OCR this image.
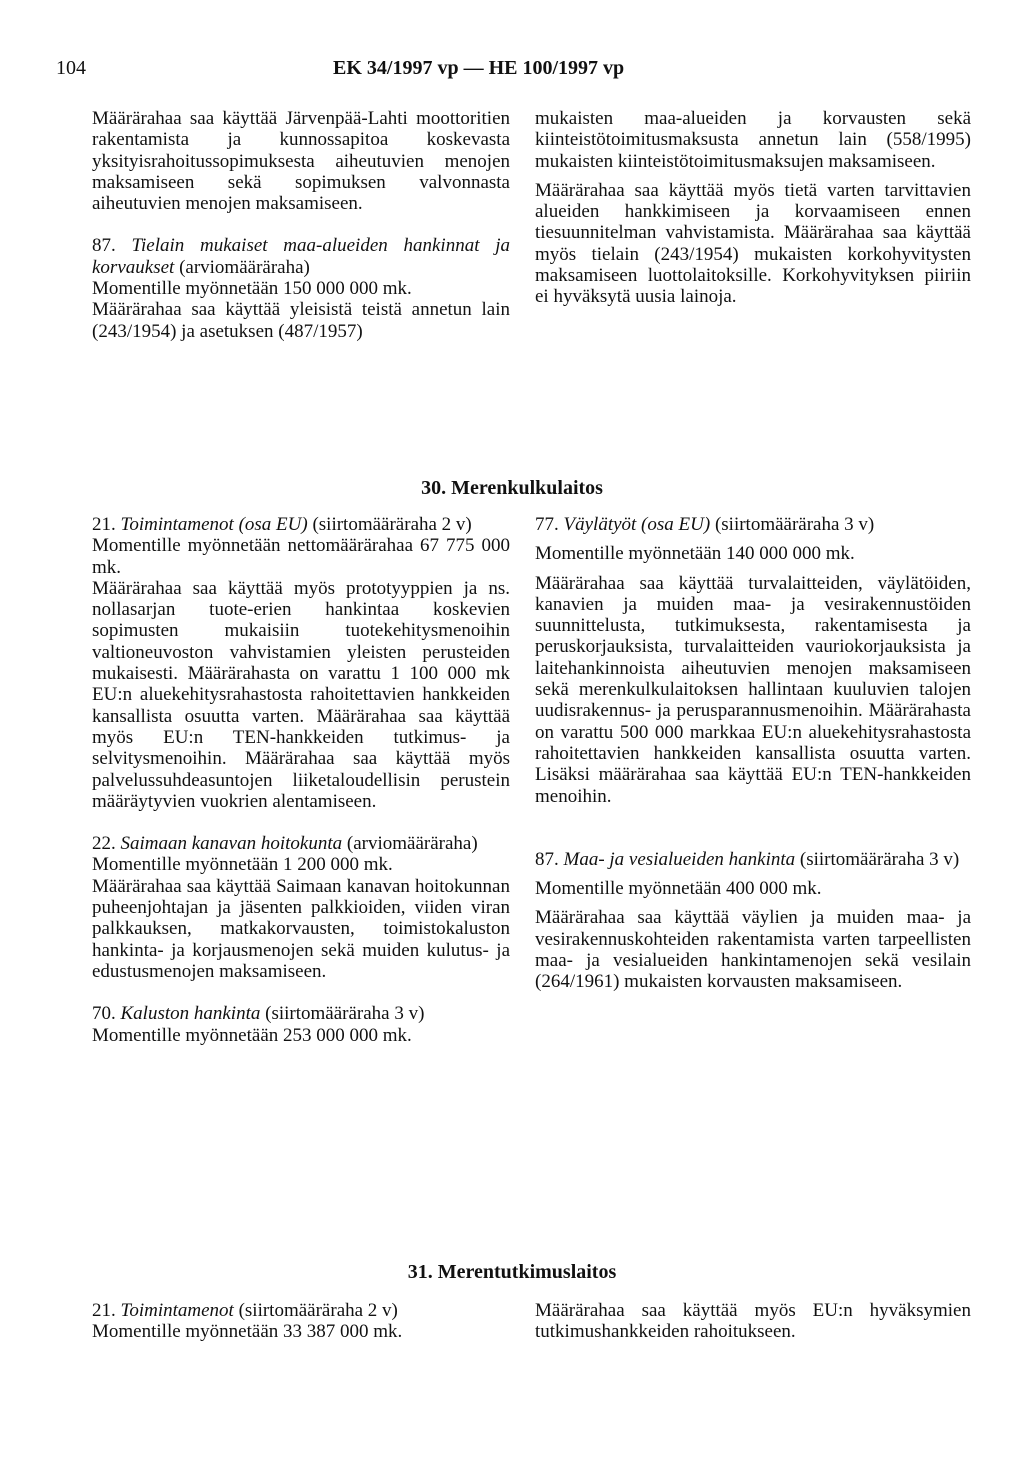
104	EK 34/1997 vp — HE 100/1997 vp

Määrärahaa saa käyttää Järvenpää-Lahti moottoritien rakentamista ja kunnossapitoa koskevasta yksityisrahoitussopimuksesta aiheutuvien menojen maksamiseen sekä sopimuksen valvonnasta aiheutuvien menojen maksamiseen.

87. Tielain mukaiset maa-alueiden hankinnat ja korvaukset (arviomääräraha)

Momentille myönnetään 150 000 000 mk.

Määrärahaa saa käyttää yleisistä teistä annetun lain (243/1954) ja asetuksen (487/1957)

mukaisten maa-alueiden ja korvausten sekä kiinteistötoimitusmaksusta annetun lain (558/1995) mukaisten kiinteistötoimitusmaksujen maksamiseen.

Määrärahaa saa käyttää myös tietä varten tarvittavien alueiden hankkimiseen ja korvaamiseen ennen tiesuunnitelman vahvistamista. Määrärahaa saa käyttää myös tielain (243/1954) mukaisten korkohyvitysten maksamiseen luottolaitoksille. Korkohyvityksen piiriin ei hyväksytä uusia lainoja.

30. Merenkulkulaitos

21. Toimintamenot (osa EU) (siirtomääräraha 2 v)

Momentille myönnetään nettomäärärahaa 67 775 000 mk.

Määrärahaa saa käyttää myös prototyyppien ja ns. nollasarjan tuote-erien hankintaa koskevien sopimusten mukaisiin tuotekehitysmenoihin valtioneuvoston vahvistamien yleisten perusteiden mukaisesti. Määrärahasta on varattu 1 100 000 mk EU:n aluekehitysrahastosta rahoitettavien hankkeiden kansallista osuutta varten. Määrärahaa saa käyttää myös EU:n TEN-hankkeiden tutkimus- ja selvitysmenoihin. Määrärahaa saa käyttää myös palvelussuhdeasuntojen liiketaloudellisin perustein määräytyvien vuokrien alentamiseen.

22. Saimaan kanavan hoitokunta (arviomääräraha)

Momentille myönnetään 1 200 000 mk.

Määrärahaa saa käyttää Saimaan kanavan hoitokunnan puheenjohtajan ja jäsenten palkkioiden, viiden viran palkkauksen, matkakorvausten, toimistokaluston hankinta- ja korjausmenojen sekä muiden kulutus- ja edustusmenojen maksamiseen.

70. Kaluston hankinta (siirtomääräraha 3 v)

Momentille myönnetään 253 000 000 mk.

77. Väylätyöt (osa EU) (siirtomääräraha 3 v)

Momentille myönnetään 140 000 000 mk.

Määrärahaa saa käyttää turvalaitteiden, väylätöiden, kanavien ja muiden maa- ja vesirakennustöiden suunnittelusta, tutkimuksesta, rakentamisesta ja peruskorjauksista, turvalaitteiden vauriokorjauksista ja laitehankinnoista aiheutuvien menojen maksamiseen sekä merenkulkulaitoksen hallintaan kuuluvien talojen uudisrakennus- ja perusparannusmenoihin. Määrärahasta on varattu 500 000 markkaa EU:n aluekehitysrahastosta rahoitettavien hankkeiden kansallista osuutta varten. Lisäksi määrärahaa saa käyttää EU:n TEN-hankkeiden menoihin.

87. Maa- ja vesialueiden hankinta (siirtomääräraha 3 v)

Momentille myönnetään 400 000 mk.

Määrärahaa saa käyttää väylien ja muiden maa- ja vesirakennuskohteiden rakentamista varten tarpeellisten maa- ja vesialueiden hankintamenojen sekä vesilain (264/1961) mukaisten korvausten maksamiseen.

31. Merentutkimuslaitos

21. Toimintamenot (siirtomääräraha 2 v)

Momentille myönnetään 33 387 000 mk.

Määrärahaa saa käyttää myös EU:n hyväksymien tutkimushankkeiden rahoitukseen.
